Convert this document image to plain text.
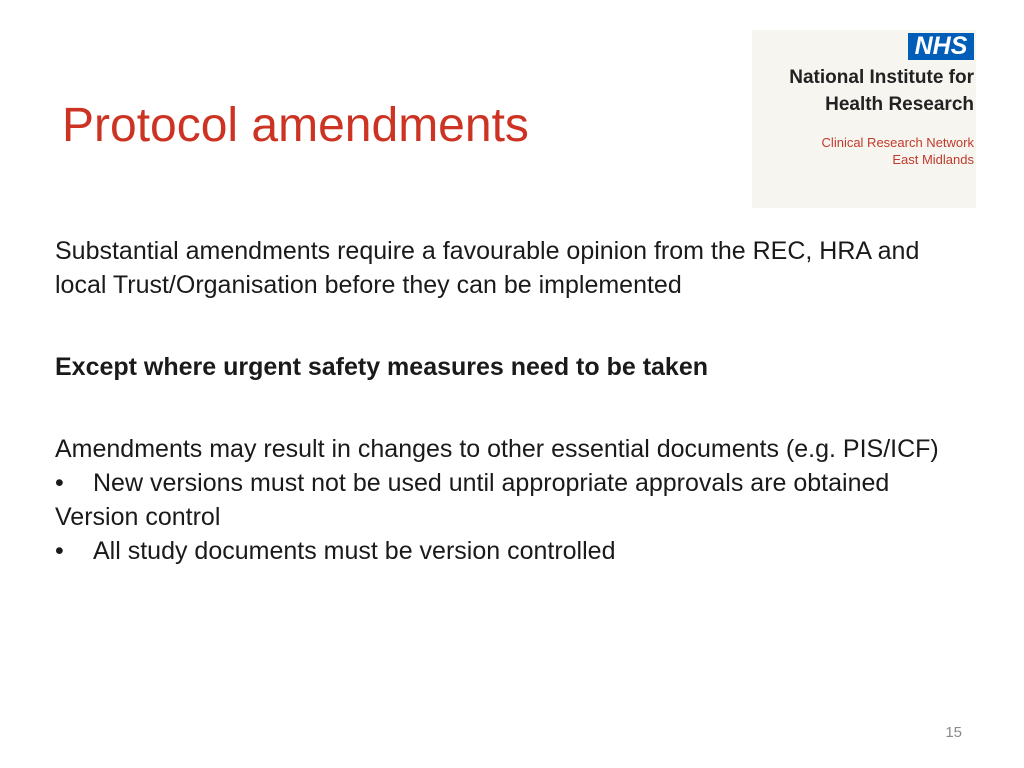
Protocol amendments
NHS
National Institute for
Health Research
Clinical Research Network
East Midlands

Substantial amendments require a favourable opinion from the REC, HRA and local Trust/Organisation before they can be implemented

Except where urgent safety measures need to be taken

Amendments may result in changes to other essential documents (e.g. PIS/ICF)

•	New versions must not be used until appropriate approvals are obtained

Version control

•	All study documents must be version controlled
15
